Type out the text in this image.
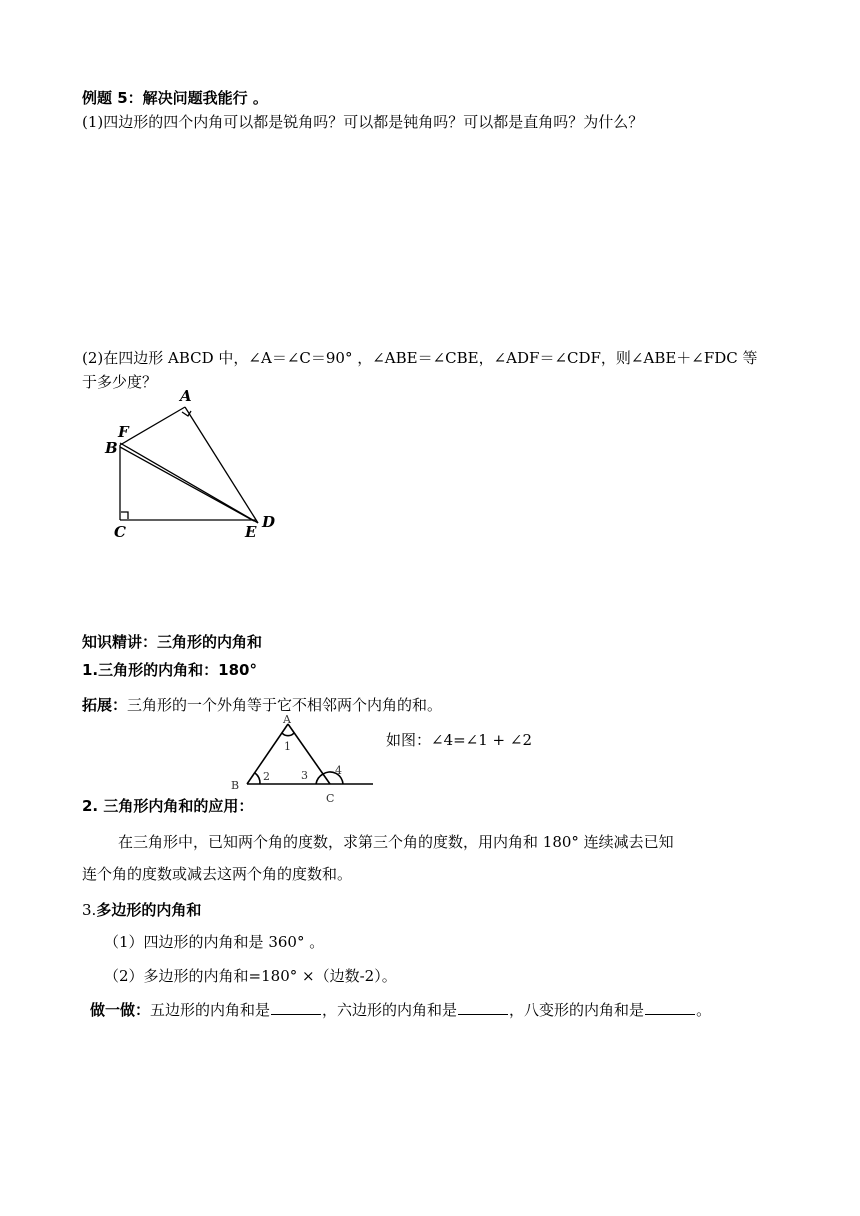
例题 5：解决问题我能行 。
(1)四边形的四个内角可以都是锐角吗？可以都是钝角吗？可以都是直角吗？为什么？
(2)在四边形 ABCD 中，∠A＝∠C＝90° ，∠ABE＝∠CBE，∠ADF＝∠CDF，则∠ABE＋∠FDC 等
于多少度？
A
F
B
C	E
D
知识精讲：三角形的内角和
1.三角形的内角和：180°
拓展：三角形的一个外角等于它不相邻两个内角的和。
A
B
C
1
2	3 4
如图：∠4=∠1 + ∠2
2. 三角形内角和的应用：
在三角形中，已知两个角的度数，求第三个角的度数，用内角和 180° 连续减去已知
连个角的度数或减去这两个角的度数和。
3.多边形的内角和
（1）四边形的内角和是 360° 。
（2）多边形的内角和=180° ×（边数-2）。
做一做：五边形的内角和是	，六边形的内角和是	，八变形的内角和是	。
